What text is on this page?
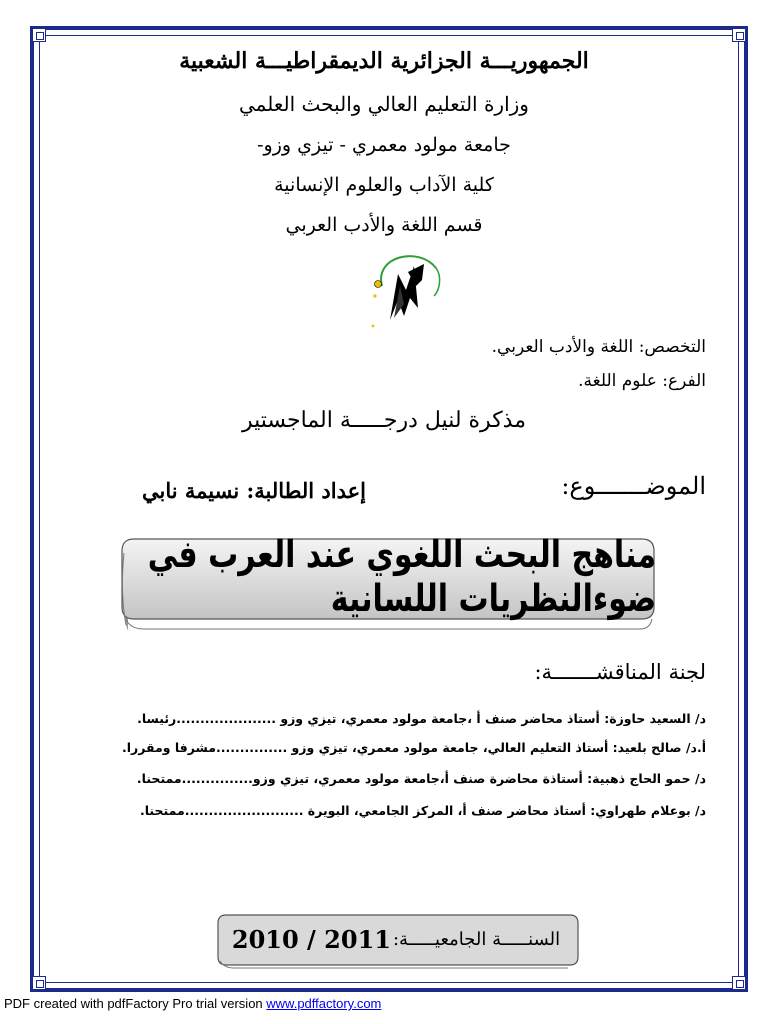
الجمهوريـــة الجزائرية الديمقراطيـــة الشعبية
وزارة التعليم العالي والبحث العلمي
جامعة مولود معمري - تيزي وزو-
كلية الآداب والعلوم الإنسانية
قسم اللغة والأدب العربي
التخصص: اللغة والأدب العربي.
الفرع: علوم اللغة.
مذكرة لنيل درجـــــة الماجستير
الموضـــــــوع:
إعداد الطالبة: نسيمة نابي
مناهج البحث اللغوي عند العرب في ضوءالنظريات اللسانية
لجنة المناقشـــــــة:
د/ السعيد حاوزة: أستاذ محاضر صنف أ ،جامعة مولود معمري، تيزي وزو .....................رئيسا.
أ.د/ صالح بلعيد: أستاذ التعليم العالي، جامعة مولود معمري، تيزي وزو ...............مشرفا ومقررا.
د/ حمو الحاج ذهبية: أستاذة محاضرة صنف أ،جامعة مولود معمري، تيزي وزو...............ممتحنا.
د/ بوعلام طهراوي: أستاذ محاضر صنف أ، المركز الجامعي، البويرة .........................ممتحنا.
السنـــــة الجامعيـــــة:
2010 / 2011
PDF created with pdfFactory Pro trial version www.pdffactory.com
